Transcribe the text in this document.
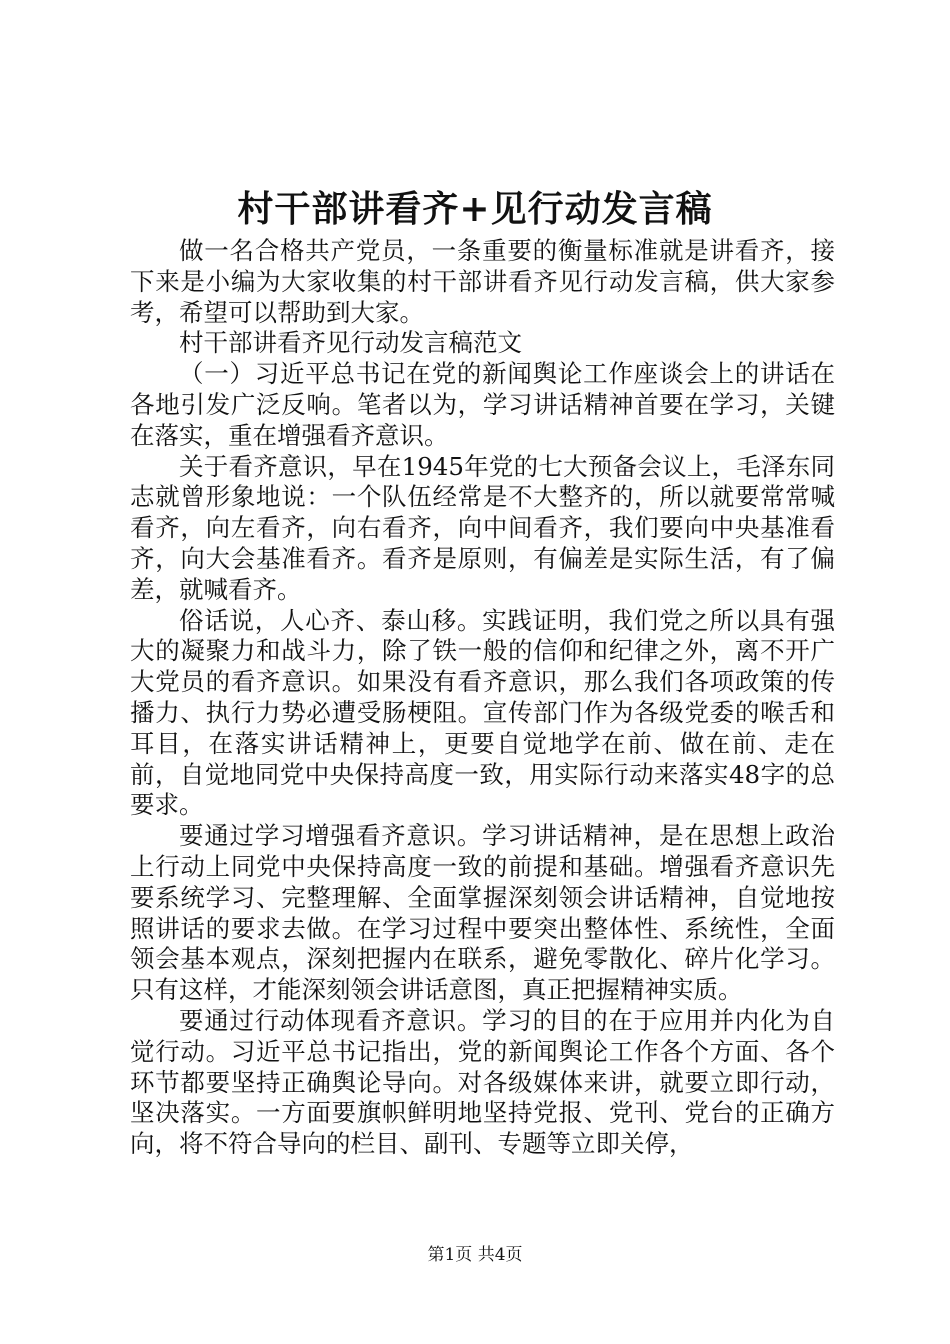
村干部讲看齐+见行动发言稿

做一名合格共产党员，一条重要的衡量标准就是讲看齐，接下来是小编为大家收集的村干部讲看齐见行动发言稿，供大家参考，希望可以帮助到大家。

村干部讲看齐见行动发言稿范文

（一）习近平总书记在党的新闻舆论工作座谈会上的讲话在各地引发广泛反响。笔者以为，学习讲话精神首要在学习，关键在落实，重在增强看齐意识。

关于看齐意识，早在1945年党的七大预备会议上，毛泽东同志就曾形象地说：一个队伍经常是不大整齐的，所以就要常常喊看齐，向左看齐，向右看齐，向中间看齐，我们要向中央基准看齐，向大会基准看齐。看齐是原则，有偏差是实际生活，有了偏差，就喊看齐。

俗话说，人心齐、泰山移。实践证明，我们党之所以具有强大的凝聚力和战斗力，除了铁一般的信仰和纪律之外，离不开广大党员的看齐意识。如果没有看齐意识，那么我们各项政策的传播力、执行力势必遭受肠梗阻。宣传部门作为各级党委的喉舌和耳目，在落实讲话精神上，更要自觉地学在前、做在前、走在前，自觉地同党中央保持高度一致，用实际行动来落实48字的总要求。

要通过学习增强看齐意识。学习讲话精神，是在思想上政治上行动上同党中央保持高度一致的前提和基础。增强看齐意识先要系统学习、完整理解、全面掌握深刻领会讲话精神，自觉地按照讲话的要求去做。在学习过程中要突出整体性、系统性，全面领会基本观点，深刻把握内在联系，避免零散化、碎片化学习。只有这样，才能深刻领会讲话意图，真正把握精神实质。

要通过行动体现看齐意识。学习的目的在于应用并内化为自觉行动。习近平总书记指出，党的新闻舆论工作各个方面、各个环节都要坚持正确舆论导向。对各级媒体来讲，就要立即行动，坚决落实。一方面要旗帜鲜明地坚持党报、党刊、党台的正确方向，将不符合导向的栏目、副刊、专题等立即关停，

第1页 共4页
